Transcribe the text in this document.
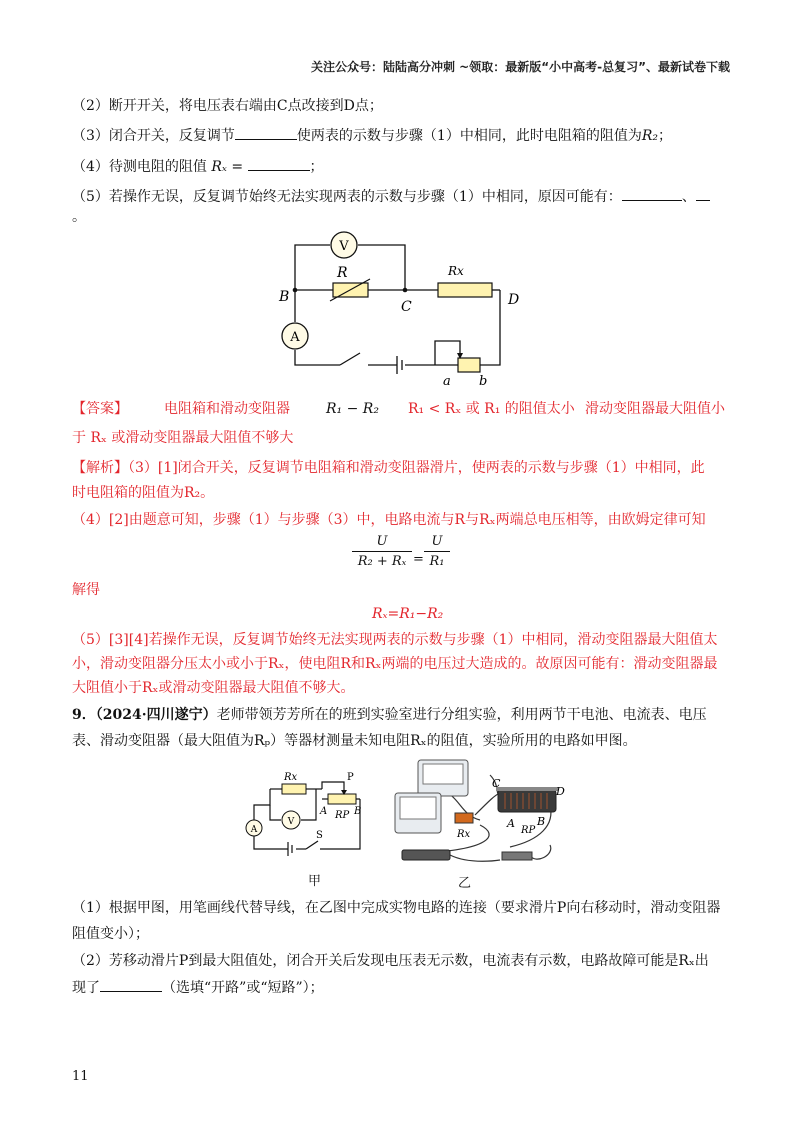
关注公众号：陆陆高分冲刺 ~领取：最新版“小中高考-总复习”、最新试卷下载
（2）断开开关，将电压表右端由C点改接到D点；
（3）闭合开关，反复调节	使两表的示数与步骤（1）中相同，此时电阻箱的阻值为R₂；
（4）待测电阻的阻值 Rₓ =	；
（5）若操作无误，反复调节始终无法实现两表的示数与步骤（1）中相同，原因可能有：	、
。
V
R	Rx
B
C	D
A
a b
【答案】	电阻箱和滑动变阻器	R₁ − R₂ R₁ < Rₓ 或 R₁ 的阻值太小 滑动变阻器最大阻值小
于 Rₓ 或滑动变阻器最大阻值不够大
【解析】（3）[1]闭合开关，反复调节电阻箱和滑动变阻器滑片，使两表的示数与步骤（1）中相同，此
时电阻箱的阻值为R₂。
（4）[2]由题意可知，步骤（1）与步骤（3）中，电路电流与R与Rₓ两端总电压相等，由欧姆定律可知
U
R₂ + Rₓ =
U
R₁
解得
Rₓ=R₁−R₂
（5）[3][4]若操作无误，反复调节始终无法实现两表的示数与步骤（1）中相同，滑动变阻器最大阻值太
小，滑动变阻器分压太小或小于Rₓ，使电阻R和Rₓ两端的电压过大造成的。故原因可能有：滑动变阻器最
大阻值小于Rₓ或滑动变阻器最大阻值不够大。
9．（2024·四川遂宁）老师带领芳芳所在的班到实验室进行分组实验，利用两节干电池、电流表、电压
表、滑动变阻器（最大阻值为Rₚ）等器材测量未知电阻Rₓ的阻值，实验所用的电路如甲图。
Rx	P
A RP B
A
V
S
甲
C
D
A B
RP
Rx
乙
（1）根据甲图，用笔画线代替导线，在乙图中完成实物电路的连接（要求滑片P向右移动时，滑动变阻器
阻值变小）；
（2）芳移动滑片P到最大阻值处，闭合开关后发现电压表无示数，电流表有示数，电路故障可能是Rₓ出
现了	（选填“开路”或“短路”）；
11
